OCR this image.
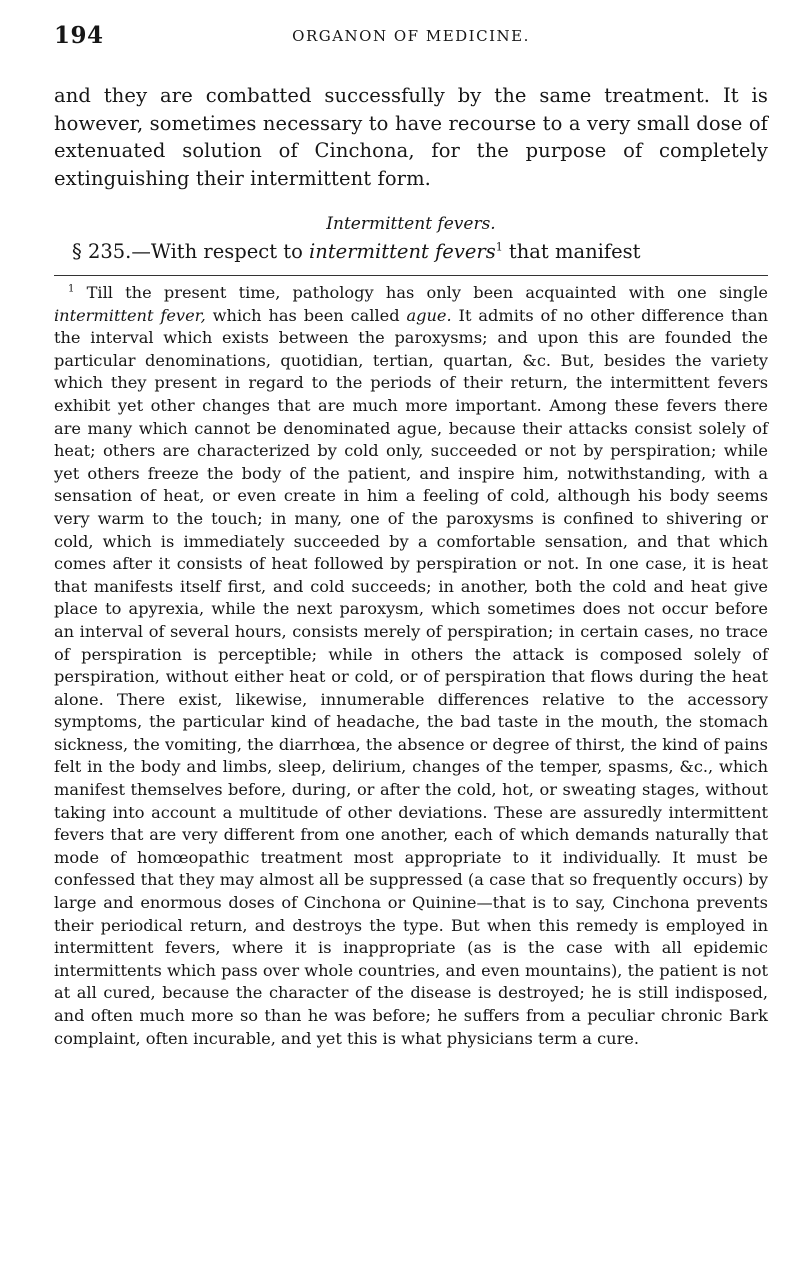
194	ORGANON OF MEDICINE.

and they are combatted successfully by the same treatment. It is however, sometimes necessary to have recourse to a very small dose of extenuated solution of Cinchona, for the purpose of completely extinguishing their intermittent form.

Intermittent fevers.
§ 235.—With respect to intermittent fevers$^1$ that manifest

$^1$ Till the present time, pathology has only been acquainted with one single intermittent fever, which has been called ague. It admits of no other difference than the interval which exists between the paroxysms; and upon this are founded the particular denominations, quotidian, tertian, quartan, &c. But, besides the variety which they present in regard to the periods of their return, the intermittent fevers exhibit yet other changes that are much more important. Among these fevers there are many which cannot be denominated ague, because their attacks consist solely of heat; others are characterized by cold only, succeeded or not by perspiration; while yet others freeze the body of the patient, and inspire him, notwithstanding, with a sensation of heat, or even create in him a feeling of cold, although his body seems very warm to the touch; in many, one of the paroxysms is confined to shivering or cold, which is immediately succeeded by a comfortable sensation, and that which comes after it consists of heat followed by perspiration or not. In one case, it is heat that manifests itself first, and cold succeeds; in another, both the cold and heat give place to apyrexia, while the next paroxysm, which sometimes does not occur before an interval of several hours, consists merely of perspiration; in certain cases, no trace of perspiration is perceptible; while in others the attack is composed solely of perspiration, without either heat or cold, or of perspiration that flows during the heat alone. There exist, likewise, innumerable differences relative to the accessory symptoms, the particular kind of headache, the bad taste in the mouth, the stomach sickness, the vomiting, the diarrhœa, the absence or degree of thirst, the kind of pains felt in the body and limbs, sleep, delirium, changes of the temper, spasms, &c., which manifest themselves before, during, or after the cold, hot, or sweating stages, without taking into account a multitude of other deviations. These are assuredly intermittent fevers that are very different from one another, each of which demands naturally that mode of homœopathic treatment most appropriate to it individually. It must be confessed that they may almost all be suppressed (a case that so frequently occurs) by large and enormous doses of Cinchona or Quinine—that is to say, Cinchona prevents their periodical return, and destroys the type. But when this remedy is employed in intermittent fevers, where it is inappropriate (as is the case with all epidemic intermittents which pass over whole countries, and even mountains), the patient is not at all cured, because the character of the disease is destroyed; he is still indisposed, and often much more so than he was before; he suffers from a peculiar chronic Bark complaint, often incurable, and yet this is what physicians term a cure.
